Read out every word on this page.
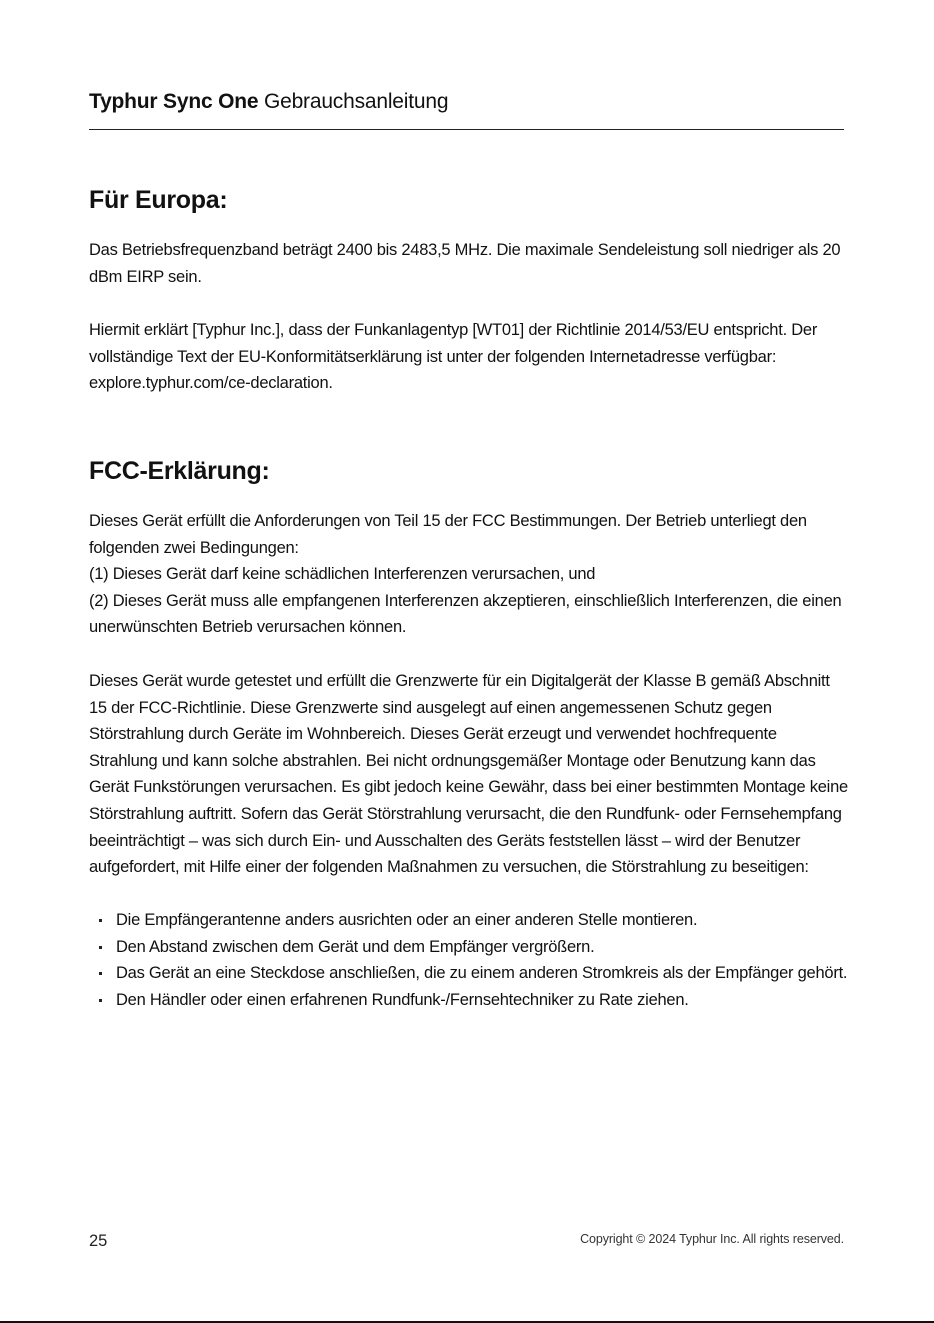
Typhur Sync One Gebrauchsanleitung
Für Europa:

Das Betriebsfrequenzband beträgt 2400 bis 2483,5 MHz. Die maximale Sendeleistung soll niedriger als 20 dBm EIRP sein.

Hiermit erklärt [Typhur Inc.], dass der Funkanlagentyp [WT01] der Richtlinie 2014/53/EU entspricht. Der vollständige Text der EU-Konformitätserklärung ist unter der folgenden Internetadresse verfügbar: explore.typhur.com/ce-declaration.

FCC-Erklärung:
Dieses Gerät erfüllt die Anforderungen von Teil 15 der FCC Bestimmungen. Der Betrieb unterliegt den folgenden zwei Bedingungen:
(1) Dieses Gerät darf keine schädlichen Interferenzen verursachen, und
(2) Dieses Gerät muss alle empfangenen Interferenzen akzeptieren, einschließlich Interferenzen, die einen unerwünschten Betrieb verursachen können.

Dieses Gerät wurde getestet und erfüllt die Grenzwerte für ein Digitalgerät der Klasse B gemäß Abschnitt 15 der FCC-Richtlinie. Diese Grenzwerte sind ausgelegt auf einen angemessenen Schutz gegen Störstrahlung durch Geräte im Wohnbereich. Dieses Gerät erzeugt und verwendet hochfrequente Strahlung und kann solche abstrahlen. Bei nicht ordnungsgemäßer Montage oder Benutzung kann das Gerät Funkstörungen verursachen. Es gibt jedoch keine Gewähr, dass bei einer bestimmten Montage keine Störstrahlung auftritt. Sofern das Gerät Störstrahlung verursacht, die den Rundfunk- oder Fernsehempfang beeinträchtigt – was sich durch Ein- und Ausschalten des Geräts feststellen lässt – wird der Benutzer aufgefordert, mit Hilfe einer der folgenden Maßnahmen zu versuchen, die Störstrahlung zu beseitigen:

Die Empfängerantenne anders ausrichten oder an einer anderen Stelle montieren.
Den Abstand zwischen dem Gerät und dem Empfänger vergrößern.
Das Gerät an eine Steckdose anschließen, die zu einem anderen Stromkreis als der Empfänger gehört.
Den Händler oder einen erfahrenen Rundfunk-/Fernsehtechniker zu Rate ziehen.
25	Copyright © 2024 Typhur Inc. All rights reserved.
